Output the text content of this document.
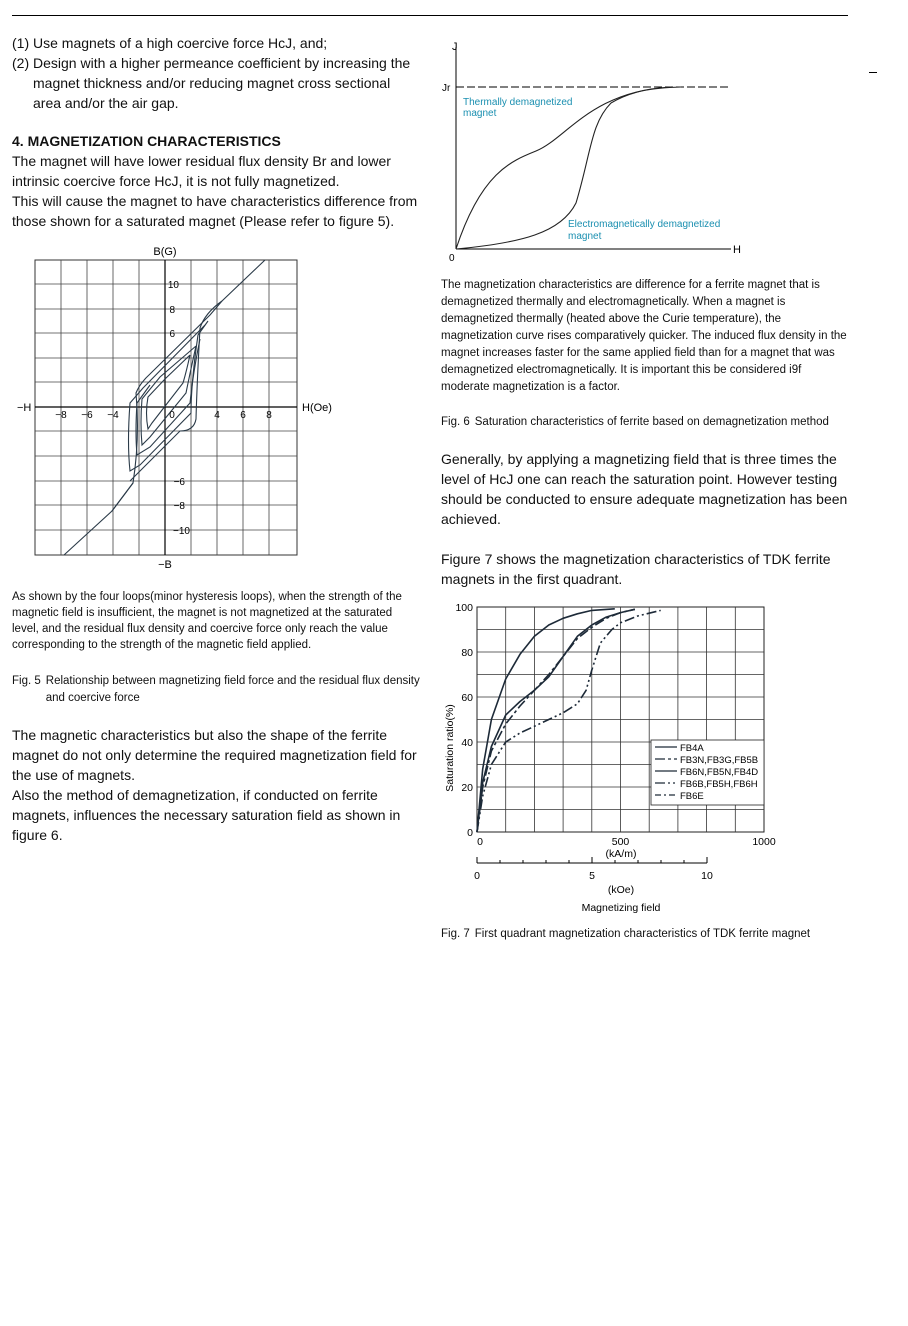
(1) Use magnets of a high coercive force HcJ, and;
(2) Design with a higher permeance coefficient by increasing the magnet thickness and/or reducing magnet cross sectional area and/or the air gap.
4. MAGNETIZATION CHARACTERISTICS

The magnet will have lower residual flux density Br and lower intrinsic coercive force HcJ, it is not fully magnetized.

This will cause the magnet to have characteristics difference from those shown for a saturated magnet (Please refer to figure 5).

B(G)
−B
−H	H(Oe)
−8 −6 −4	0	4 6 8
10
8
6
−6
−8
−10

As shown by the four loops(minor hysteresis loops), when the strength of the magnetic field is insufficient, the magnet is not magnetized at the saturated level, and the residual flux density and coercive force only reach the value corresponding to the strength of the magnetic field applied.

Fig. 5 Relationship between magnetizing field force and the residual flux density and coercive force

The magnetic characteristics but also the shape of the ferrite magnet do not only determine the required magnetization field for the use of magnets.

Also the method of demagnetization, if conducted on ferrite magnets, influences the necessary saturation field as shown in figure 6.

J
Jr
H
0
Thermally demagnetized
magnet
Electromagnetically demagnetized
magnet

The magnetization characteristics are difference for a ferrite magnet that is demagnetized thermally and electromagnetically. When a magnet is demagnetized thermally (heated above the Curie temperature), the magnetization curve rises comparatively quicker. The induced flux density in the magnet increases faster for the same applied field than for a magnet that was demagnetized electromagnetically. It is important this be considered i9f moderate magnetization is a factor.

Fig. 6 Saturation characteristics of ferrite based on demagnetization method

Generally, by applying a magnetizing field that is three times the level of HcJ one can reach the saturation point. However testing should be conducted to ensure adequate magnetization has been achieved.

Figure 7 shows the magnetization characteristics of TDK ferrite magnets in the first quadrant.

0
20
40
60
80
100
0	500	1000
Saturation ratio(%)
(kA/m)
0	5	10
(kOe)
Magnetizing field
FB4A
FB3N,FB3G,FB5B
FB6N,FB5N,FB4D
FB6B,FB5H,FB6H
FB6E
Fig. 7 First quadrant magnetization characteristics of TDK ferrite magnet
